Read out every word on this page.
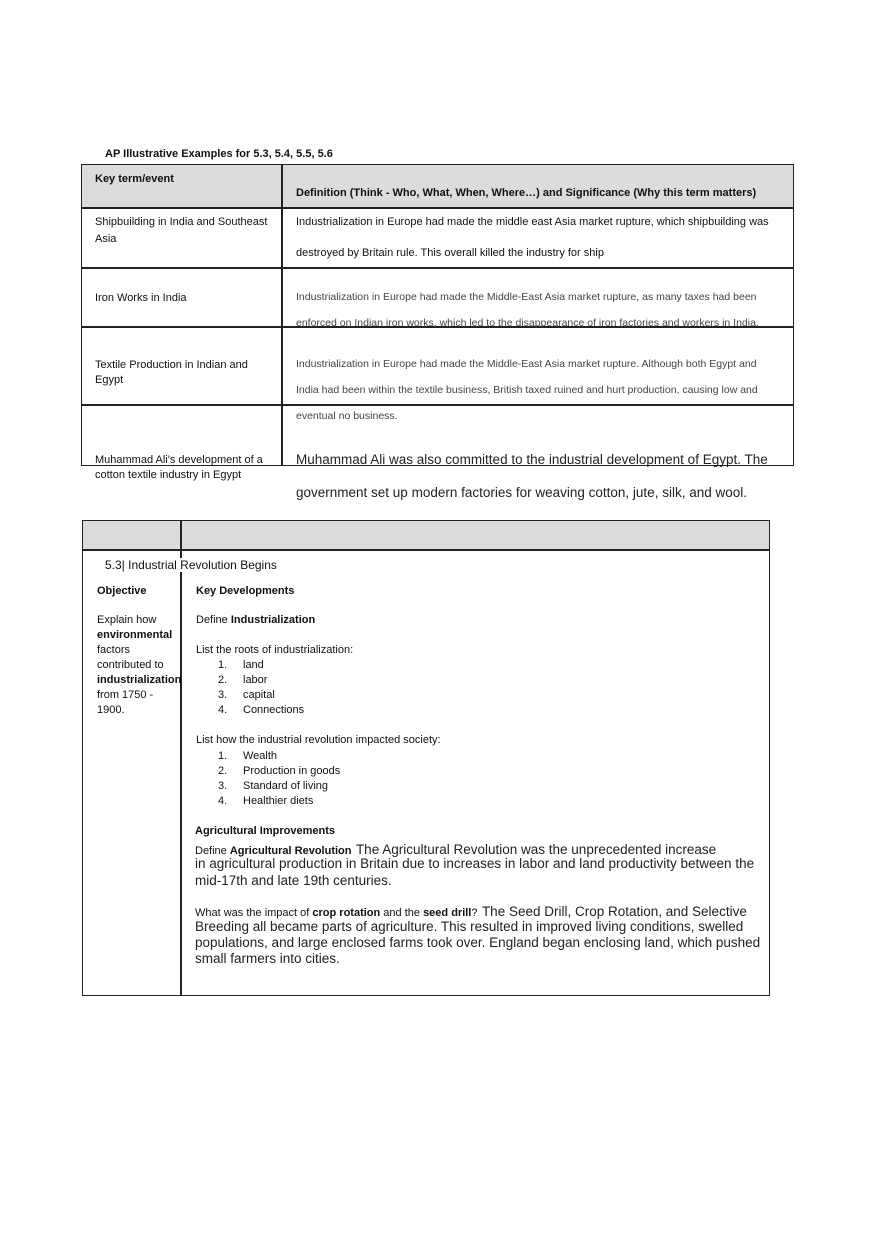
AP Illustrative Examples for 5.3, 5.4, 5.5, 5.6
Key term/event
Definition (Think - Who, What, When, Where…) and Significance (Why this term matters)
Shipbuilding in India and Southeast
Asia
Industrialization in Europe had made the middle east Asia market rupture, which shipbuilding was
destroyed by Britain rule. This overall killed the industry for ship
Iron Works in India	Industrialization in Europe had made the Middle-East Asia market rupture, as many taxes had been
enforced on Indian iron works, which led to the disappearance of iron factories and workers in India.
Textile Production in Indian and
Egypt
Industrialization in Europe had made the Middle-East Asia market rupture. Although both Egypt and
India had been within the textile business, British taxed ruined and hurt production, causing low and
eventual no business.
Muhammad Ali's development of a
cotton textile industry in Egypt
Muhammad Ali was also committed to the industrial development of Egypt. The
government set up modern factories for weaving cotton, jute, silk, and wool.
5.3| Industrial Revolution Begins
Objective
Explain how
environmental
factors
contributed to
industrialization
from 1750 -
1900.
Key Developments
Define Industrialization
List the roots of industrialization:
1. land
2. labor
3. capital
4. Connections
List how the industrial revolution impacted society:
1. Wealth
2. Production in goods
3. Standard of living
4. Healthier diets
Agricultural Improvements
Define Agricultural Revolution The Agricultural Revolution was the unprecedented increase
in agricultural production in Britain due to increases in labor and land productivity between the
mid-17th and late 19th centuries.
What was the impact of crop rotation and the seed drill? The Seed Drill, Crop Rotation, and Selective
Breeding all became parts of agriculture. This resulted in improved living conditions, swelled
populations, and large enclosed farms took over. England began enclosing land, which pushed
small farmers into cities.
